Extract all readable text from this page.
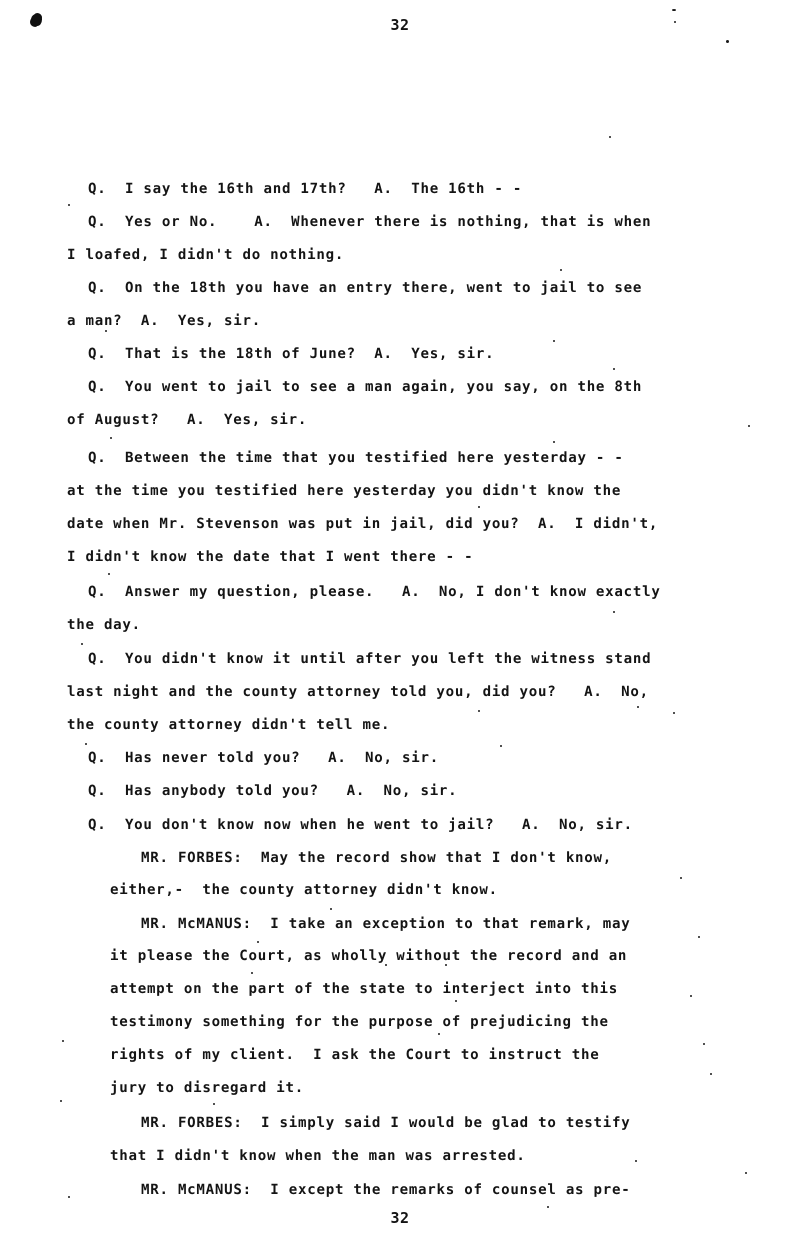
32
Q.  I say the 16th and 17th?   A.  The 16th - -
Q.  Yes or No.    A.  Whenever there is nothing, that is when
I loafed, I didn't do nothing.
Q.  On the 18th you have an entry there, went to jail to see
a man?  A.  Yes, sir.
Q.  That is the 18th of June?  A.  Yes, sir.
Q.  You went to jail to see a man again, you say, on the 8th
of August?   A.  Yes, sir.
Q.  Between the time that you testified here yesterday - -
at the time you testified here yesterday you didn't know the
date when Mr. Stevenson was put in jail, did you?  A.  I didn't,
I didn't know the date that I went there - -
Q.  Answer my question, please.   A.  No, I don't know exactly
the day.
Q.  You didn't know it until after you left the witness stand
last night and the county attorney told you, did you?   A.  No,
the county attorney didn't tell me.
Q.  Has never told you?   A.  No, sir.
Q.  Has anybody told you?   A.  No, sir.
Q.  You don't know now when he went to jail?   A.  No, sir.
MR. FORBES:  May the record show that I don't know,
either,-  the county attorney didn't know.
MR. McMANUS:  I take an exception to that remark, may
it please the Court, as wholly without the record and an
attempt on the part of the state to interject into this
testimony something for the purpose of prejudicing the
rights of my client.  I ask the Court to instruct the
jury to disregard it.
MR. FORBES:  I simply said I would be glad to testify
that I didn't know when the man was arrested.
MR. McMANUS:  I except the remarks of counsel as pre-
32
